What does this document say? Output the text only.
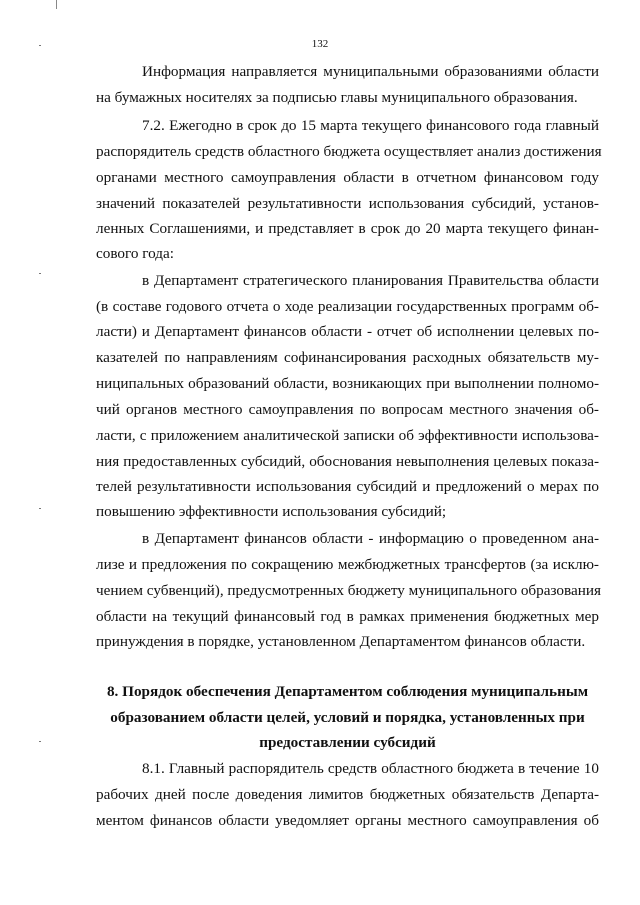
132
Информация направляется муниципальными образованиями области
на бумажных носителях за подписью главы муниципального образования.
7.2. Ежегодно в срок до 15 марта текущего финансового года главный
распорядитель средств областного бюджета осуществляет анализ достижения
органами местного самоуправления области в отчетном финансовом году
значений показателей результативности использования субсидий, установ-
ленных Соглашениями, и представляет в срок до 20 марта текущего финан-
сового года:
в Департамент стратегического планирования Правительства области
(в составе годового отчета о ходе реализации государственных программ об-
ласти) и Департамент финансов области - отчет об исполнении целевых по-
казателей по направлениям софинансирования расходных обязательств му-
ниципальных образований области, возникающих при выполнении полномо-
чий органов местного самоуправления по вопросам местного значения об-
ласти, с приложением аналитической записки об эффективности использова-
ния предоставленных субсидий, обоснования невыполнения целевых показа-
телей результативности использования субсидий и предложений о мерах по
повышению эффективности использования субсидий;
в Департамент финансов области - информацию о проведенном ана-
лизе и предложения по сокращению межбюджетных трансфертов (за исклю-
чением субвенций), предусмотренных бюджету муниципального образования
области на текущий финансовый год в рамках применения бюджетных мер
принуждения в порядке, установленном Департаментом финансов области.
8.1. Главный распорядитель средств областного бюджета в течение 10
рабочих дней после доведения лимитов бюджетных обязательств Департа-
ментом финансов области уведомляет органы местного самоуправления об
8. Порядок обеспечения Департаментом соблюдения муниципальным
образованием области целей, условий и порядка, установленных при
предоставлении субсидий
